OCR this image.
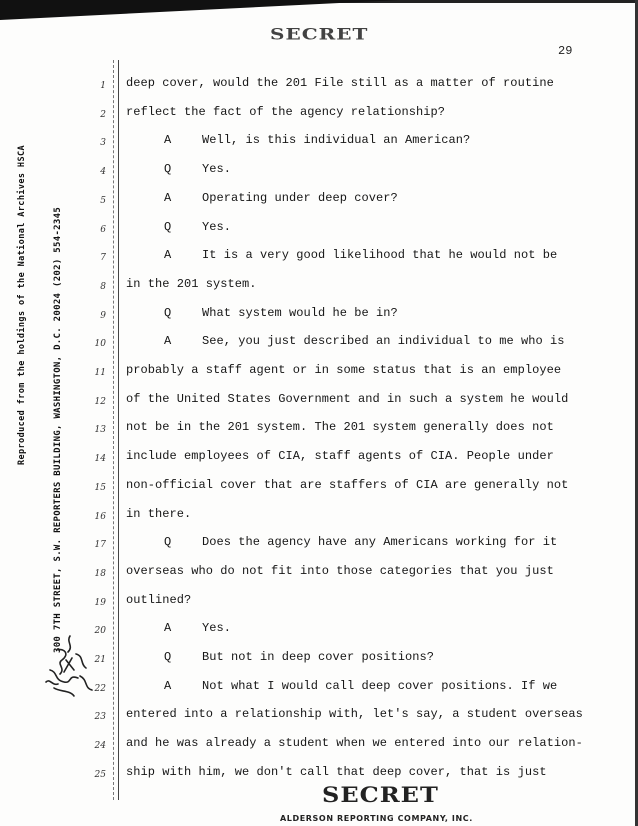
SECRET
29
Reproduced from the holdings of the National Archives HSCA	300 7TH STREET, S.W. REPORTERS BUILDING, WASHINGTON, D.C. 20024 (202) 554-2345
1 deep cover, would the 201 File still as a matter of routine
2 reflect the fact of the agency relationship?
3	A	Well, is this individual an American?
4	Q	Yes.
5	A	Operating under deep cover?
6	Q	Yes.
7	A	It is a very good likelihood that he would not be
8 in the 201 system.
9	Q	What system would he be in?
10	A	See, you just described an individual to me who is
11 probably a staff agent or in some status that is an employee
12 of the United States Government and in such a system he would
13 not be in the 201 system. The 201 system generally does not
14 include employees of CIA, staff agents of CIA. People under
15 non-official cover that are staffers of CIA are generally not
16 in there.
17	Q	Does the agency have any Americans working for it
18 overseas who do not fit into those categories that you just
19 outlined?
20	A	Yes.
21	Q	But not in deep cover positions?
22	A	Not what I would call deep cover positions. If we
23 entered into a relationship with, let's say, a student overseas
24 and he was already a student when we entered into our relation-
25 ship with him, we don't call that deep cover, that is just
SECRET
ALDERSON REPORTING COMPANY, INC.
